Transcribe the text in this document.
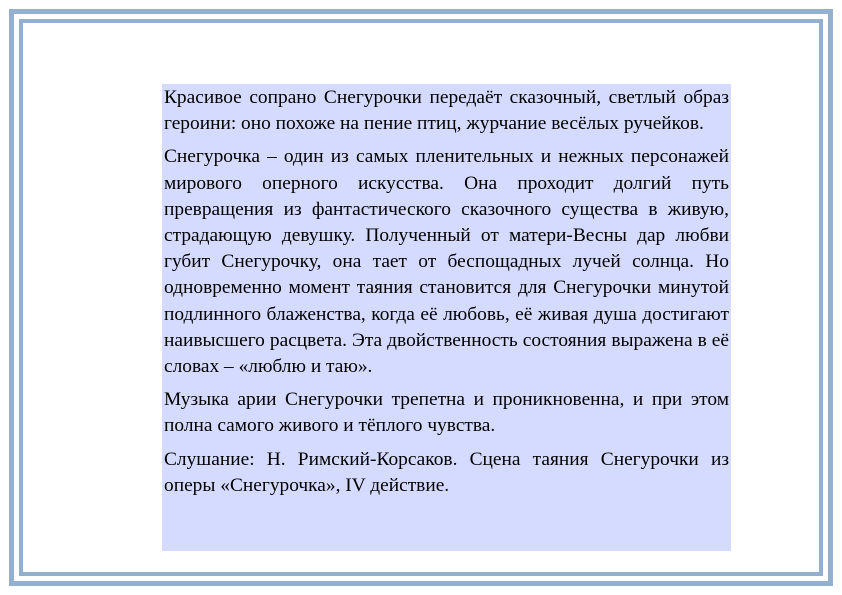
Красивое сопрано Снегурочки передаёт сказочный, светлый образ героини: оно похоже на пение птиц, журчание весёлых ручейков.

Снегурочка – один из самых пленительных и нежных персонажей мирового оперного искусства. Она проходит долгий путь превращения из фантастического сказочного существа в живую, страдающую девушку. Полученный от матери-Весны дар любви губит Снегурочку, она тает от беспощадных лучей солнца. Но одновременно момент таяния становится для Снегурочки минутой подлинного блаженства, когда её любовь, её живая душа достигают наивысшего расцвета. Эта двойственность состояния выражена в её словах – «люблю и таю».

Музыка арии Снегурочки трепетна и проникновенна, и при этом полна самого живого и тёплого чувства.

Слушание: Н. Римский-Корсаков. Сцена таяния Снегурочки из оперы «Снегурочка», IV действие.
